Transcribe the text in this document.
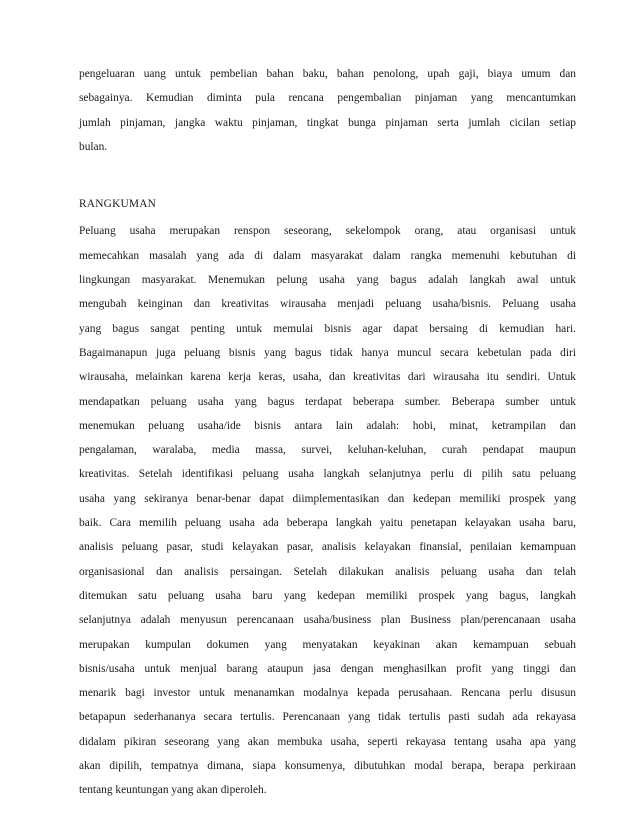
pengeluaran uang untuk pembelian bahan baku, bahan penolong, upah gaji, biaya umum dan
sebagainya. Kemudian diminta pula rencana pengembalian pinjaman yang mencantumkan
jumlah pinjaman, jangka waktu pinjaman, tingkat bunga pinjaman serta jumlah cicilan setiap
bulan.

RANGKUMAN

Peluang usaha merupakan renspon seseorang, sekelompok orang, atau organisasi untuk
memecahkan masalah yang ada di dalam masyarakat dalam rangka memenuhi kebutuhan di
lingkungan masyarakat. Menemukan pelung usaha yang bagus adalah langkah awal untuk
mengubah keinginan dan kreativitas wirausaha menjadi peluang usaha/bisnis. Peluang usaha
yang bagus sangat penting untuk memulai bisnis agar dapat bersaing di kemudian hari.
Bagaimanapun juga peluang bisnis yang bagus tidak hanya muncul secara kebetulan pada diri
wirausaha, melainkan karena kerja keras, usaha, dan kreativitas dari wirausaha itu sendiri. Untuk
mendapatkan peluang usaha yang bagus terdapat beberapa sumber. Beberapa sumber untuk
menemukan peluang usaha/ide bisnis antara lain adalah: hobi, minat, ketrampilan dan
pengalaman, waralaba, media massa, survei, keluhan-keluhan, curah pendapat maupun
kreativitas. Setelah identifikasi peluang usaha langkah selanjutnya perlu di pilih satu peluang
usaha yang sekiranya benar-benar dapat diimplementasikan dan kedepan memiliki prospek yang
baik. Cara memilih peluang usaha ada beberapa langkah yaitu penetapan kelayakan usaha baru,
analisis peluang pasar, studi kelayakan pasar, analisis kelayakan finansial, penilaian kemampuan
organisasional dan analisis persaingan. Setelah dilakukan analisis peluang usaha dan telah
ditemukan satu peluang usaha baru yang kedepan memiliki prospek yang bagus, langkah
selanjutnya adalah menyusun perencanaan usaha/business plan Business plan/perencanaan usaha
merupakan kumpulan dokumen yang menyatakan keyakinan akan kemampuan sebuah
bisnis/usaha untuk menjual barang ataupun jasa dengan menghasilkan profit yang tinggi dan
menarik bagi investor untuk menanamkan modalnya kepada perusahaan. Rencana perlu disusun
betapapun sederhananya secara tertulis. Perencanaan yang tidak tertulis pasti sudah ada rekayasa
didalam pikiran seseorang yang akan membuka usaha, seperti rekayasa tentang usaha apa yang
akan dipilih, tempatnya dimana, siapa konsumenya, dibutuhkan modal berapa, berapa perkiraan
tentang keuntungan yang akan diperoleh.
